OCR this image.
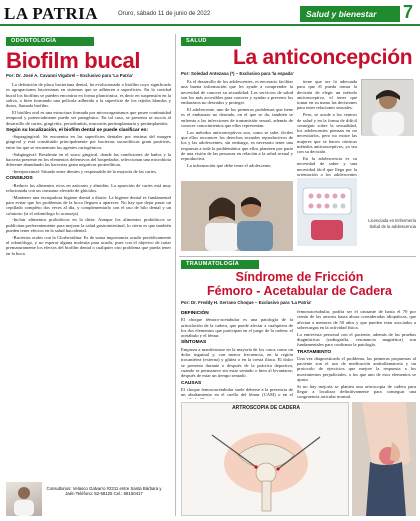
LA PATRIA	Oruro, sábado 11 de junio de 2022	Salud y bienestar	7
ODONTOLOGÍA
Biofilm bucal
Por: Dr. José A. Cavanni Vigabrel – Exclusivo para 'La Patria'

La definición de placa bacteriana dental, ha evolucionado a biofilm cuyo significado es agrupaciones bacterianas en sistemas que se adhieren a superficies. En la cavidad bucal los biofilms se pueden encontrar en forma planctónica, es decir en suspensión en la saliva, o bien formando una película adherida a la superficie de los tejidos blandos y duros, llamada biofilm.

El biofilm oral es una estructura formada por microorganismos que posee continuidad temporal y potencialmente puede ser patogénico. En tal caso, se presenta se asocia al desarrollo de caries, gingivitis, periodontitis, mucositis periimplantaria y periimplantitis.

Según su localización, el biofilm dental se puede clasificar en:

-Supragingival: Se encuentra en las superficies dentales por encima del margen gingival y está constituido principalmente por bacterias sacarolíticas gram positivas, entre las que se encuentran los agentes cariogénicos.

-Subgingival: Residente en el surco gingival, donde las condiciones de baños y la bacteria presente en los elementos defensivos del hospedador, seleccionan una microbiota diferente abundando las bacterias gram negativas proteolíticas.

-Interproximal: Situado entre dientes y responsable de la mayoría de las caries.

CONSEJOS

-Reducir los alimentos ricos en azúcares y almidón. La aparición de caries está muy relacionada con un consumo elevado de glúcidos.

-Mantener una escrupulosa higiene dental a diario: La higiene dental es fundamental para evitar que los problemas de la boca lleguen a aparecer. No hay que dejar pasar un cepillado completo dos veces al día, y complementarlo con el uso de hilo dental y un colutorio (si el odontólogo lo aconseja).

-Incluir alimentos probióticos en la dieta: Aunque los alimentos probióticos se publicitan preferentemente para mejorar la salud gastrointestinal, lo cierto es que también pueden tener efectos en la salud bucodental.

-Bacterias orales con la Clorhexidina: Es de suma importancia acudir periódicamente al odontólogo, y no esperar alguna molestia para acudir, pues con el objetivo de tratar prematuramente los efectos del biofilm dental o cualquier otro problema que pueda tener en la boca.

Consultorios: Velasco Galvarro #2311 entre Santa Bárbara y Jaén Teléfono: 52-58125 Cel.: 68150417
SALUD
La anticoncepción
Por: Soledad Antezana (*) – Exclusivo para 'la espada'

Es el desarrollo de los adolescentes, es necesario facilitar una buena información que les ayude a comprender la necesidad de conocer su sexualidad. Los servicios de salud son los más accesibles para conocer y ayudar a prevenir los embarazos no deseados y proteger.

El adolescente, uno de los primeros problemas que tiene es el embarazo no deseado, en el que se da, también se enfrenta a las infecciones de transmisión sexual, además de conocer conocimientos que ellos representan.

Los métodos anticonceptivos son, como se sabe, fáciles que ellos reconocer los derechos sexuales reproductivos de los y las adolescentes, sin embargo, es necesario tener una respuesta a toda la problemática que ellos planteen por parte de una visión de las personas en relación a la salud sexual y reproductiva.

La información que debe tener el adolescente,

tiene que ser la adecuada para que él pueda tomar la decisión de elegir un método anticonceptivo, el tener que tomar en su mano las decisiones para tener relaciones sexuales.

Pero, se acude a los centros de salud y en la forma de difícil conseguir sobre la sexualidad, los adolescentes piensan en no necesitarlos, pero no existe las mujeres que se hacen cómicas métodos anticonceptivos, ya sea con su decisión.

En la adolescencia es su necesidad de saber y una necesidad fácil que llega por la orientación a los adolescentes

Licenciada en Enfermería
Salud de la adolescencia
TRAUMATOLOGÍA
Síndrome de Fricción
Fémoro - Acetabular de Cadera
Por: Dr. Freddy H. Serrano Choque – Exclusivo para 'La Patria'
DEFINICIÓN

El choque fémoro-acetabular es una patología de la articulación de la cadera, que puede afectar a cualquiera de los dos elementos que participan en el juego de la cadera: el acetábulo y el fémur.

SÍNTOMAS

Empieza a manifestarse en la mayoría de los casos como un dolor inguinal y, con menor frecuencia, en la región trocantérea (externa) y glútea o en la cresta ilíaca. El dolor se presenta durante o después de la práctica deportiva, cuando se permanece sin estar sentado o bien al levantarse; después de estar un tiempo sentado.

CAUSAS

El choque femoroacetabular suele deberse a la presencia de un abultamiento en el cuello del fémur (CAM) o en el

femoroacetabular, podría ser el causante de hasta el 70 por ciento de las artrosis hasta ahora consideradas idiopáticas, que afectan a menores de 50 años y que pueden estar asociados a sobrecargas en la actividad física.

La entrevista personal con el paciente, además de las pruebas diagnósticas (radiografía, resonancia magnética) son fundamentales para confirmar la patología.

TRATAMIENTO

Una vez diagnosticado el problema, las primeras propuestas al paciente son el uso de medicación antiinflamatoria y un protocolo de ejercicios que mejore la respuesta a los movimientos perjudiciales, a los que uno de esos elementos se ajusta.

Si no hay mejoría se plantea una artroscopia de cadera para llegar a localizar definitivamente para conseguir una congruencia articular normal.

ARTROSCOPIA DE CADERA
